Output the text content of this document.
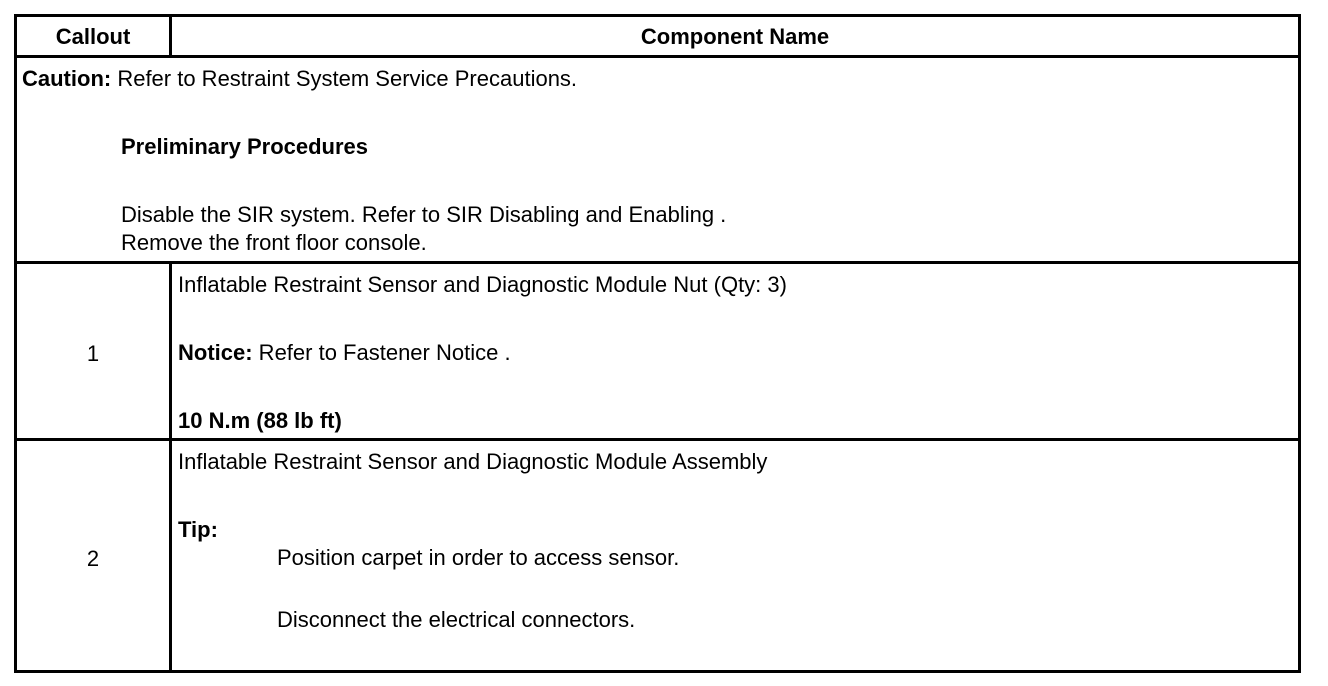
Callout	Component Name
Caution: Refer to Restraint System Service Precautions.
Preliminary Procedures
Disable the SIR system. Refer to SIR Disabling and Enabling .
Remove the front floor console.
1
Inflatable Restraint Sensor and Diagnostic Module Nut (Qty: 3)
Notice: Refer to Fastener Notice .
10 N.m (88 lb ft)
2
Inflatable Restraint Sensor and Diagnostic Module Assembly
Tip:
Position carpet in order to access sensor.
Disconnect the electrical connectors.
